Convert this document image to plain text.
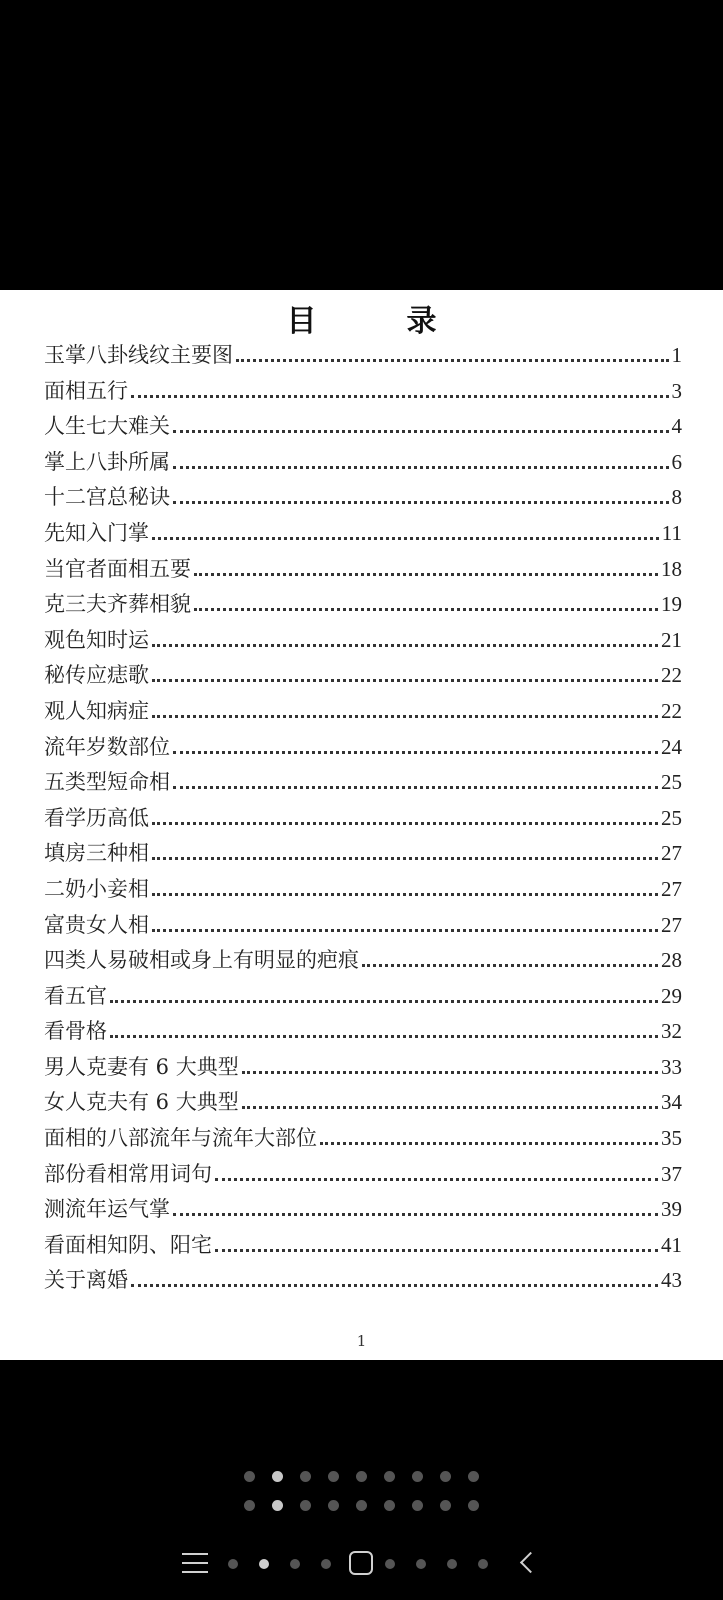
目　录
玉掌八卦线纹主要图	1
面相五行	3
人生七大难关	4
掌上八卦所属	6
十二宫总秘诀	8
先知入门掌	11
当官者面相五要	18
克三夫齐葬相貌	19
观色知时运	21
秘传应痣歌	22
观人知病症	22
流年岁数部位	24
五类型短命相	25
看学历高低	25
填房三种相	27
二奶小妾相	27
富贵女人相	27
四类人易破相或身上有明显的疤痕	28
看五官	29
看骨格	32
男人克妻有 6 大典型	33
女人克夫有 6 大典型	34
面相的八部流年与流年大部位	35
部份看相常用词句	37
测流年运气掌	39
看面相知阴、阳宅	41
关于离婚	43
1
